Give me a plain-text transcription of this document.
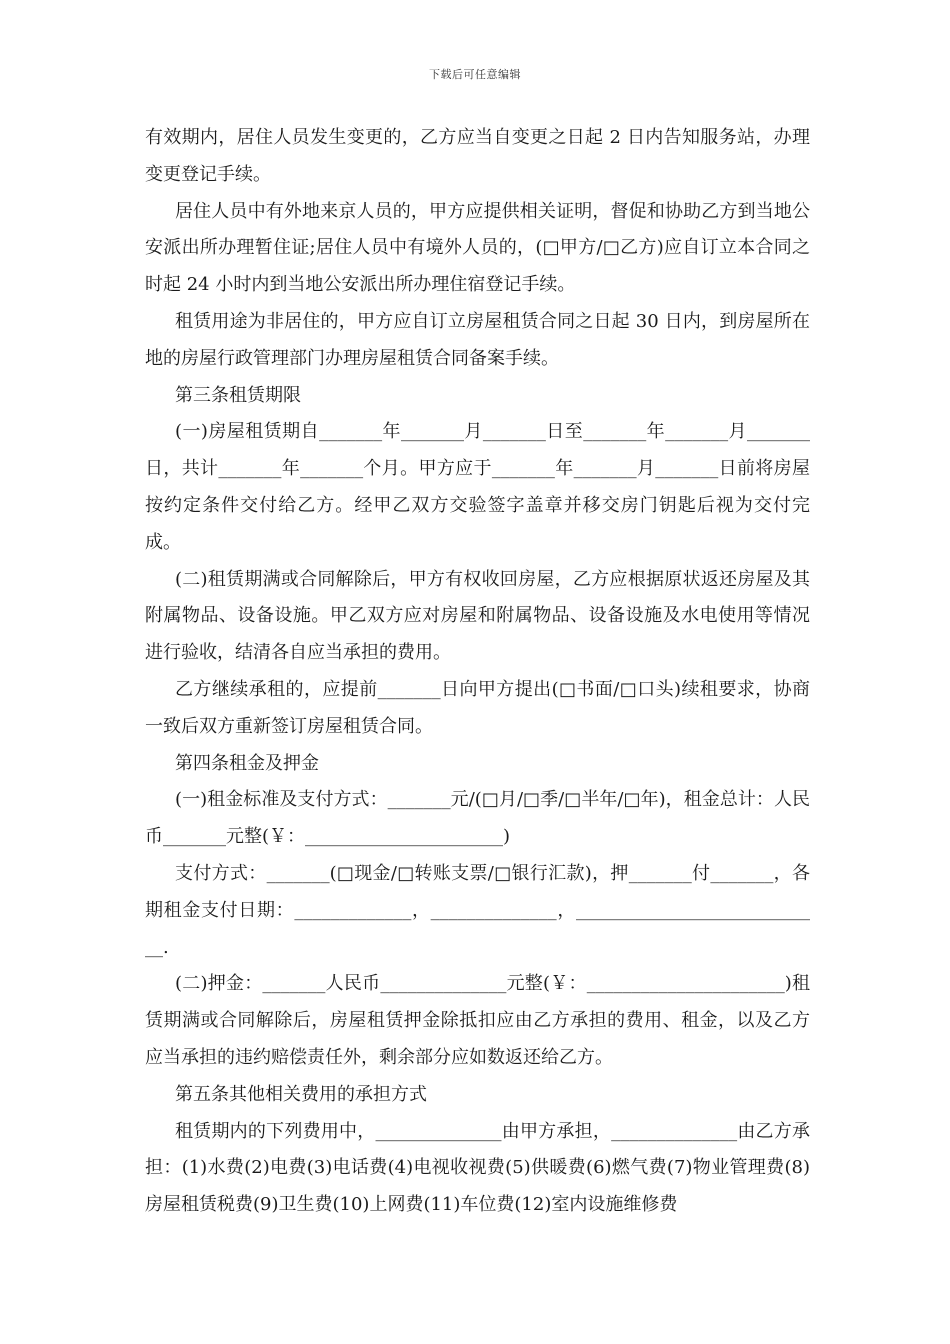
下载后可任意编辑

有效期内，居住人员发生变更的，乙方应当自变更之日起 2 日内告知服务站，办理变更登记手续。

居住人员中有外地来京人员的，甲方应提供相关证明，督促和协助乙方到当地公安派出所办理暂住证;居住人员中有境外人员的，(□甲方/□乙方)应自订立本合同之时起 24 小时内到当地公安派出所办理住宿登记手续。

租赁用途为非居住的，甲方应自订立房屋租赁合同之日起 30 日内，到房屋所在地的房屋行政管理部门办理房屋租赁合同备案手续。

第三条租赁期限

(一)房屋租赁期自_______年_______月_______日至_______年_______月_______日，共计_______年_______个月。甲方应于_______年_______月_______日前将房屋按约定条件交付给乙方。经甲乙双方交验签字盖章并移交房门钥匙后视为交付完成。

(二)租赁期满或合同解除后，甲方有权收回房屋，乙方应根据原状返还房屋及其附属物品、设备设施。甲乙双方应对房屋和附属物品、设备设施及水电使用等情况进行验收，结清各自应当承担的费用。

乙方继续承租的，应提前_______日向甲方提出(□书面/□口头)续租要求，协商一致后双方重新签订房屋租赁合同。

第四条租金及押金

(一)租金标准及支付方式：_______元/(□月/□季/□半年/□年)，租金总计：人民币_______元整(￥：______________________)

支付方式：_______(□现金/□转账支票/□银行汇款)，押_______付_______，各期租金支付日期：_____________，______________，____________________________.

(二)押金：_______人民币______________元整(￥：______________________)租赁期满或合同解除后，房屋租赁押金除抵扣应由乙方承担的费用、租金，以及乙方应当承担的违约赔偿责任外，剩余部分应如数返还给乙方。

第五条其他相关费用的承担方式

租赁期内的下列费用中，______________由甲方承担，______________由乙方承担：(1)水费(2)电费(3)电话费(4)电视收视费(5)供暖费(6)燃气费(7)物业管理费(8)房屋租赁税费(9)卫生费(10)上网费(11)车位费(12)室内设施维修费
